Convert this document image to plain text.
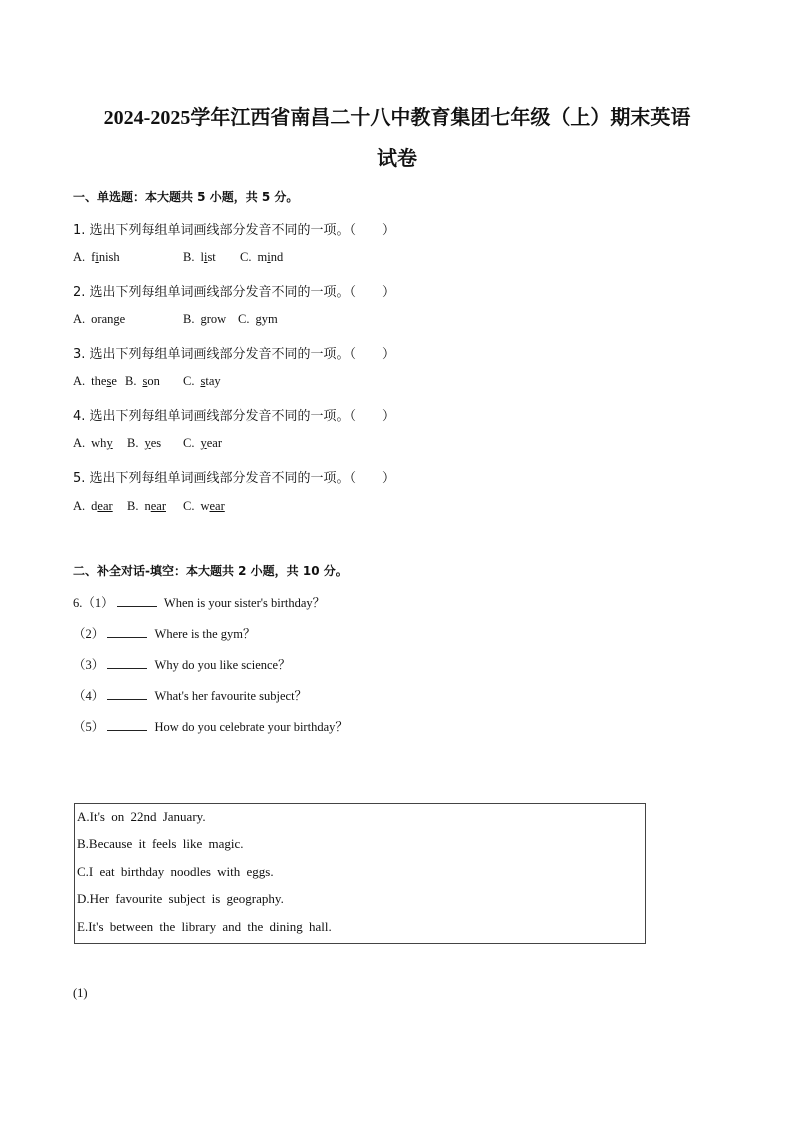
2024-2025学年江西省南昌二十八中教育集团七年级（上）期末英语
试卷
一、单选题：本大题共 5 小题，共 5 分。
1. 选出下列每组单词画线部分发音不同的一项。（　　）
A. finish	B. list C. mind
2. 选出下列每组单词画线部分发音不同的一项。（　　）
A. orange	B. grow C. gym
3. 选出下列每组单词画线部分发音不同的一项。（　　）
A. these B. son C. stay
4. 选出下列每组单词画线部分发音不同的一项。（　　）
A. why B. yes C. year
5. 选出下列每组单词画线部分发音不同的一项。（　　）
A. dear B. near C. wear
二、补全对话-填空：本大题共 2 小题，共 10 分。
6.（1）	When is your sister's birthday？
（2）	Where is the gym？
（3）	Why do you like science？
（4）	What's her favourite subject？
（5）	How do you celebrate your birthday？
A.It's on 22nd January.
B.Because it feels like magic.
C.I eat birthday noodles with eggs.
D.Her favourite subject is geography.
E.It's between the library and the dining hall.
(1)
